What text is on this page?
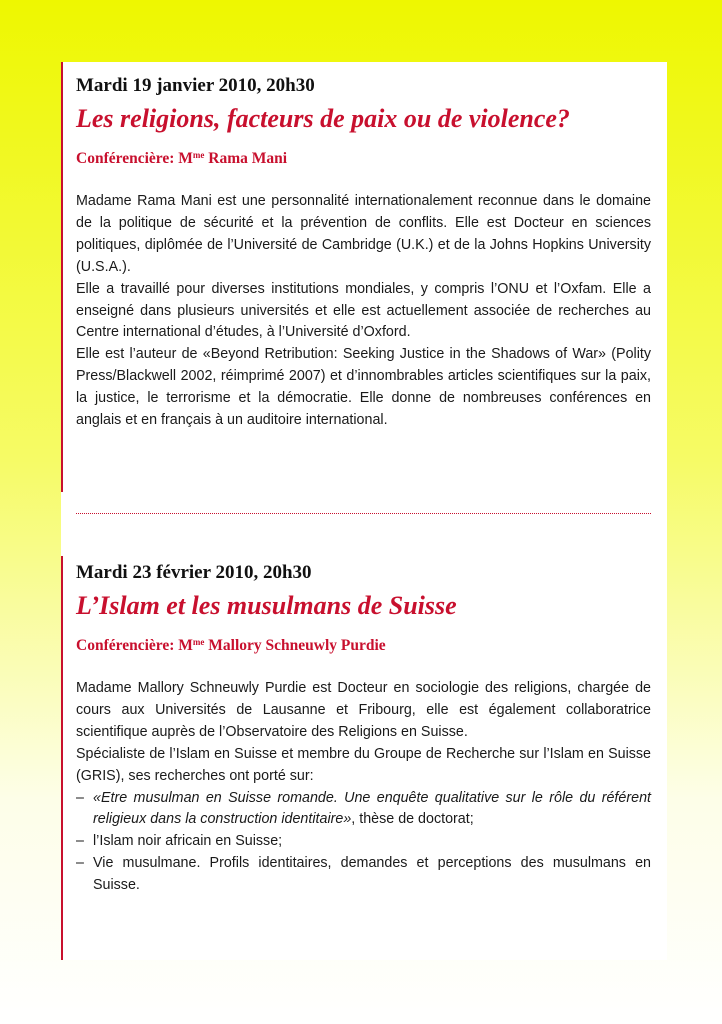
Mardi 19 janvier 2010, 20h30
Les religions, facteurs de paix ou de violence?
Conférencière: $M^{me}$ Rama Mani

Madame Rama Mani est une personnalité internationalement reconnue dans le domaine de la politique de sécurité et la prévention de conflits. Elle est Docteur en sciences politiques, diplômée de l’Université de Cambridge (U.K.) et de la Johns Hopkins University (U.S.A.).

Elle a travaillé pour diverses institutions mondiales, y compris l’ONU et l’Oxfam. Elle a enseigné dans plusieurs universités et elle est actuellement associée de recherches au Centre international d’études, à l’Université d’Oxford.

Elle est l’auteur de «Beyond Retribution: Seeking Justice in the Shadows of War» (Polity Press/Blackwell 2002, réimprimé 2007) et d’innombrables articles scientifiques sur la paix, la justice, le terrorisme et la démocratie. Elle donne de nombreuses conférences en anglais et en français à un auditoire international.

Mardi 23 février 2010, 20h30
L’Islam et les musulmans de Suisse
Conférencière: $M^{me}$ Mallory Schneuwly Purdie

Madame Mallory Schneuwly Purdie est Docteur en sociologie des religions, chargée de cours aux Universités de Lausanne et Fribourg, elle est également collaboratrice scientifique auprès de l’Observatoire des Religions en Suisse.

Spécialiste de l’Islam en Suisse et membre du Groupe de Recherche sur l’Islam en Suisse (GRIS), ses recherches ont porté sur:

– «Etre musulman en Suisse romande. Une enquête qualitative sur le rôle du référent religieux dans la construction identitaire», thèse de doctorat;
– l’Islam noir africain en Suisse;
– Vie musulmane. Profils identitaires, demandes et perceptions des musulmans en Suisse.
